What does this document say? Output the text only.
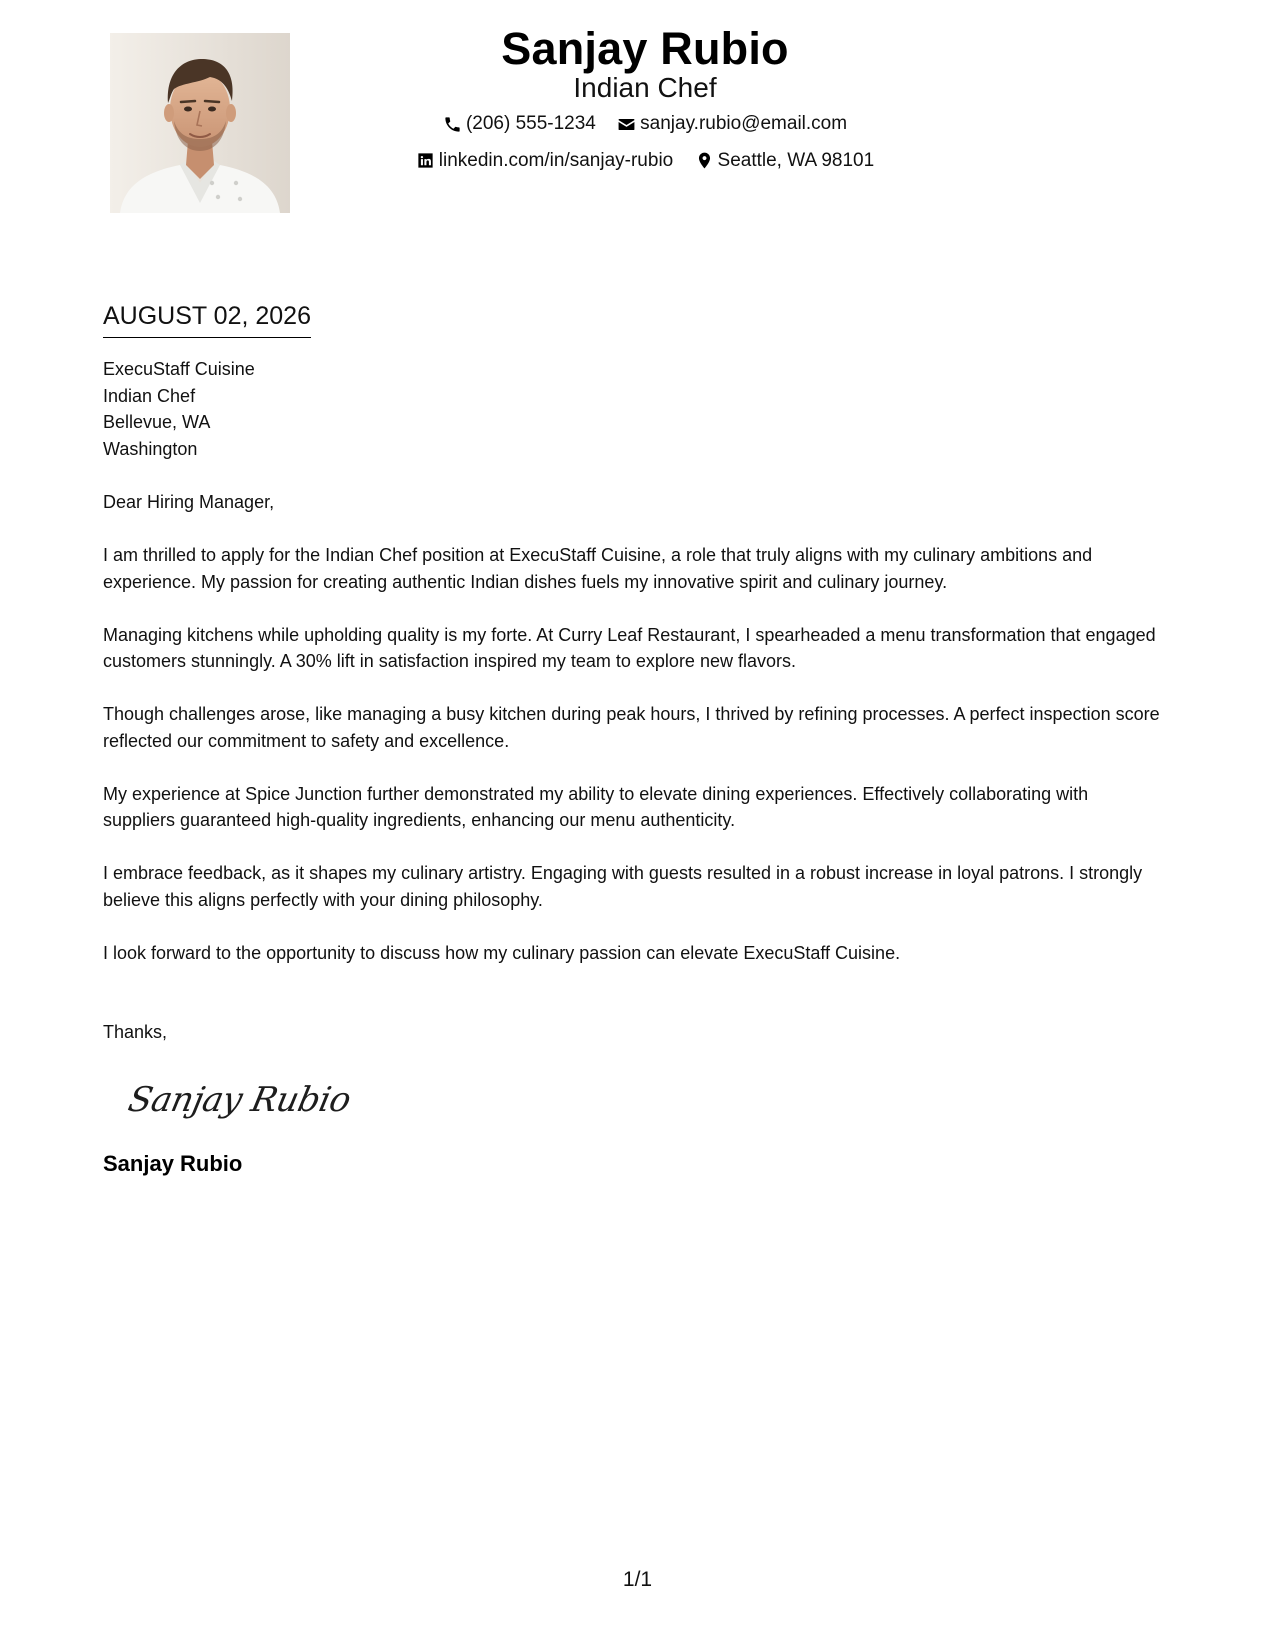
Sanjay Rubio
Indian Chef
(206) 555-1234
sanjay.rubio@email.com
linkedin.com/in/sanjay-rubio
Seattle, WA 98101
AUGUST 02, 2026
ExecuStaff Cuisine
Indian Chef
Bellevue, WA
Washington
Dear Hiring Manager,
I am thrilled to apply for the Indian Chef position at ExecuStaff Cuisine, a role that truly aligns with my culinary ambitions and experience. My passion for creating authentic Indian dishes fuels my innovative spirit and culinary journey.
Managing kitchens while upholding quality is my forte. At Curry Leaf Restaurant, I spearheaded a menu transformation that engaged customers stunningly. A 30% lift in satisfaction inspired my team to explore new flavors.
Though challenges arose, like managing a busy kitchen during peak hours, I thrived by refining processes. A perfect inspection score reflected our commitment to safety and excellence.
My experience at Spice Junction further demonstrated my ability to elevate dining experiences. Effectively collaborating with suppliers guaranteed high-quality ingredients, enhancing our menu authenticity.
I embrace feedback, as it shapes my culinary artistry. Engaging with guests resulted in a robust increase in loyal patrons. I strongly believe this aligns perfectly with your dining philosophy.
I look forward to the opportunity to discuss how my culinary passion can elevate ExecuStaff Cuisine.
Thanks,
Sanjay Rubio
Sanjay Rubio
1/1
